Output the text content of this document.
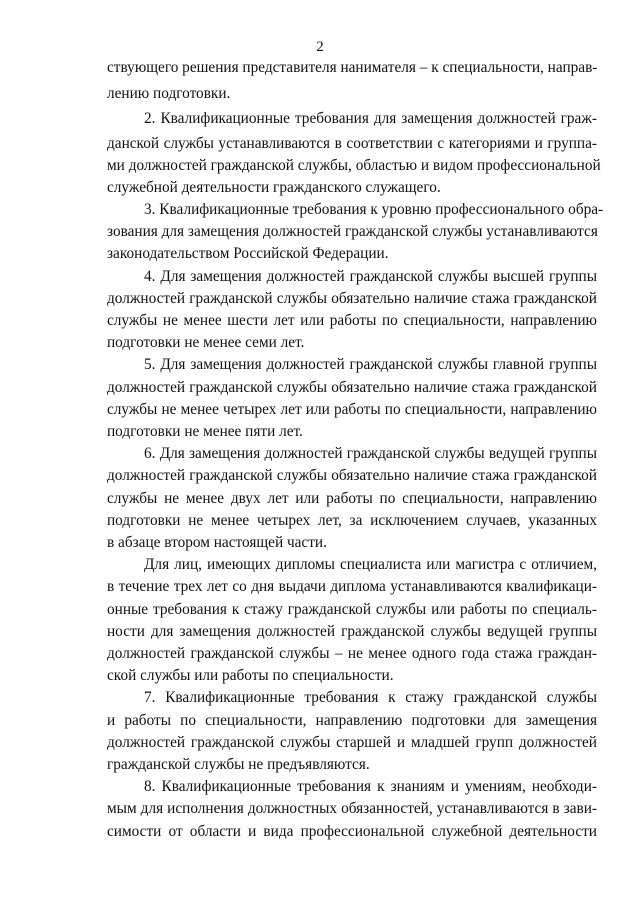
2
ствующего решения представителя нанимателя – к специальности, направ-
лению подготовки.
2. Квалификационные требования для замещения должностей граж-
данской службы устанавливаются в соответствии с категориями и группа-
ми должностей гражданской службы, областью и видом профессиональной
служебной деятельности гражданского служащего.
3. Квалификационные требования к уровню профессионального обра-
зования для замещения должностей гражданской службы устанавливаются
законодательством Российской Федерации.
4. Для замещения должностей гражданской службы высшей группы
должностей гражданской службы обязательно наличие стажа гражданской
службы не менее шести лет или работы по специальности, направлению
подготовки не менее семи лет.
5. Для замещения должностей гражданской службы главной группы
должностей гражданской службы обязательно наличие стажа гражданской
службы не менее четырех лет или работы по специальности, направлению
подготовки не менее пяти лет.
6. Для замещения должностей гражданской службы ведущей группы
должностей гражданской службы обязательно наличие стажа гражданской
службы не менее двух лет или работы по специальности, направлению
подготовки не менее четырех лет, за исключением случаев, указанных
в абзаце втором настоящей части.
Для лиц, имеющих дипломы специалиста или магистра с отличием,
в течение трех лет со дня выдачи диплома устанавливаются квалификаци-
онные требования к стажу гражданской службы или работы по специаль-
ности для замещения должностей гражданской службы ведущей группы
должностей гражданской службы – не менее одного года стажа граждан-
ской службы или работы по специальности.
7. Квалификационные требования к стажу гражданской службы
и работы по специальности, направлению подготовки для замещения
должностей гражданской службы старшей и младшей групп должностей
гражданской службы не предъявляются.
8. Квалификационные требования к знаниям и умениям, необходи-
мым для исполнения должностных обязанностей, устанавливаются в зави-
симости от области и вида профессиональной служебной деятельности
